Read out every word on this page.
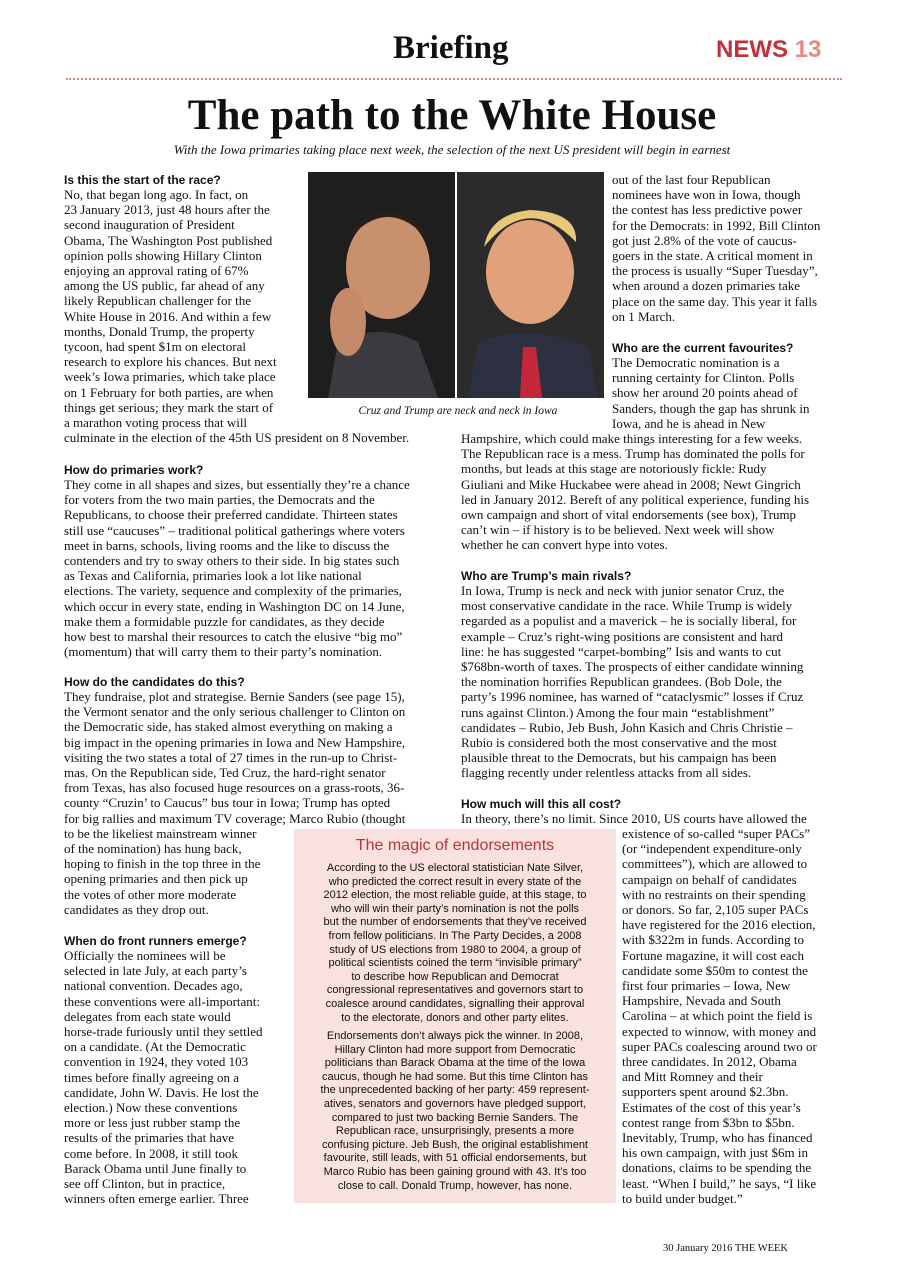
Briefing	NEWS 13
The path to the White House
With the Iowa primaries taking place next week, the selection of the next US president will begin in earnest
Is this the start of the race?
No, that began long ago. In fact, on
23 January 2013, just 48 hours after the
second inauguration of President
Obama, The Washington Post published
opinion polls showing Hillary Clinton
enjoying an approval rating of 67%
among the US public, far ahead of any
likely Republican challenger for the
White House in 2016. And within a few
months, Donald Trump, the property
tycoon, had spent $1m on electoral
research to explore his chances. But next
week’s Iowa primaries, which take place
on 1 February for both parties, are when
things get serious; they mark the start of
a marathon voting process that will
culminate in the election of the 45th US president on 8 November.
Cruz and Trump are neck and neck in Iowa
out of the last four Republican
nominees have won in Iowa, though
the contest has less predictive power
for the Democrats: in 1992, Bill Clinton
got just 2.8% of the vote of caucus-
goers in the state. A critical moment in
the process is usually “Super Tuesday”,
when around a dozen primaries take
place on the same day. This year it falls
on 1 March.
Who are the current favourites?
The Democratic nomination is a
running certainty for Clinton. Polls
show her around 20 points ahead of
Sanders, though the gap has shrunk in
Iowa, and he is ahead in New
Hampshire, which could make things interesting for a few weeks.
The Republican race is a mess. Trump has dominated the polls for
months, but leads at this stage are notoriously fickle: Rudy
Giuliani and Mike Huckabee were ahead in 2008; Newt Gingrich
led in January 2012. Bereft of any political experience, funding his
own campaign and short of vital endorsements (see box), Trump
can’t win – if history is to be believed. Next week will show
whether he can convert hype into votes.
How do primaries work?
They come in all shapes and sizes, but essentially they’re a chance
for voters from the two main parties, the Democrats and the
Republicans, to choose their preferred candidate. Thirteen states
still use “caucuses” – traditional political gatherings where voters
meet in barns, schools, living rooms and the like to discuss the
contenders and try to sway others to their side. In big states such
as Texas and California, primaries look a lot like national
elections. The variety, sequence and complexity of the primaries,
which occur in every state, ending in Washington DC on 14 June,
make them a formidable puzzle for candidates, as they decide
how best to marshal their resources to catch the elusive “big mo”
(momentum) that will carry them to their party’s nomination.
How do the candidates do this?
They fundraise, plot and strategise. Bernie Sanders (see page 15),
the Vermont senator and the only serious challenger to Clinton on
the Democratic side, has staked almost everything on making a
big impact in the opening primaries in Iowa and New Hampshire,
visiting the two states a total of 27 times in the run-up to Christ-
mas. On the Republican side, Ted Cruz, the hard-right senator
from Texas, has also focused huge resources on a grass-roots, 36-
county “Cruzin’ to Caucus” bus tour in Iowa; Trump has opted
for big rallies and maximum TV coverage; Marco Rubio (thought
to be the likeliest mainstream winner
of the nomination) has hung back,
hoping to finish in the top three in the
opening primaries and then pick up
the votes of other more moderate
candidates as they drop out.
When do front runners emerge?
Officially the nominees will be
selected in late July, at each party’s
national convention. Decades ago,
these conventions were all-important:
delegates from each state would
horse-trade furiously until they settled
on a candidate. (At the Democratic
convention in 1924, they voted 103
times before finally agreeing on a
candidate, John W. Davis. He lost the
election.) Now these conventions
more or less just rubber stamp the
results of the primaries that have
come before. In 2008, it still took
Barack Obama until June finally to
see off Clinton, but in practice,
winners often emerge earlier. Three
Who are Trump’s main rivals?
In Iowa, Trump is neck and neck with junior senator Cruz, the
most conservative candidate in the race. While Trump is widely
regarded as a populist and a maverick – he is socially liberal, for
example – Cruz’s right-wing positions are consistent and hard
line: he has suggested “carpet-bombing” Isis and wants to cut
$768bn-worth of taxes. The prospects of either candidate winning
the nomination horrifies Republican grandees. (Bob Dole, the
party’s 1996 nominee, has warned of “cataclysmic” losses if Cruz
runs against Clinton.) Among the four main “establishment”
candidates – Rubio, Jeb Bush, John Kasich and Chris Christie –
Rubio is considered both the most conservative and the most
plausible threat to the Democrats, but his campaign has been
flagging recently under relentless attacks from all sides.
How much will this all cost?
In theory, there’s no limit. Since 2010, US courts have allowed the
existence of so-called “super PACs”
(or “independent expenditure-only
committees”), which are allowed to
campaign on behalf of candidates
with no restraints on their spending
or donors. So far, 2,105 super PACs
have registered for the 2016 election,
with $322m in funds. According to
Fortune magazine, it will cost each
candidate some $50m to contest the
first four primaries – Iowa, New
Hampshire, Nevada and South
Carolina – at which point the field is
expected to winnow, with money and
super PACs coalescing around two or
three candidates. In 2012, Obama
and Mitt Romney and their
supporters spent around $2.3bn.
Estimates of the cost of this year’s
contest range from $3bn to $5bn.
Inevitably, Trump, who has financed
his own campaign, with just $6m in
donations, claims to be spending the
least. “When I build,” he says, “I like
to build under budget.”
The magic of endorsements
According to the US electoral statistician Nate Silver,
who predicted the correct result in every state of the
2012 election, the most reliable guide, at this stage, to
who will win their party’s nomination is not the polls
but the number of endorsements that they’ve received
from fellow politicians. In The Party Decides, a 2008
study of US elections from 1980 to 2004, a group of
political scientists coined the term “invisible primary”
to describe how Republican and Democrat
congressional representatives and governors start to
coalesce around candidates, signalling their approval
to the electorate, donors and other party elites.
Endorsements don’t always pick the winner. In 2008,
Hillary Clinton had more support from Democratic
politicians than Barack Obama at the time of the Iowa
caucus, though he had some. But this time Clinton has
the unprecedented backing of her party: 459 represent-
atives, senators and governors have pledged support,
compared to just two backing Bernie Sanders. The
Republican race, unsurprisingly, presents a more
confusing picture. Jeb Bush, the original establishment
favourite, still leads, with 51 official endorsements, but
Marco Rubio has been gaining ground with 43. It’s too
close to call. Donald Trump, however, has none.
30 January 2016 THE WEEK
